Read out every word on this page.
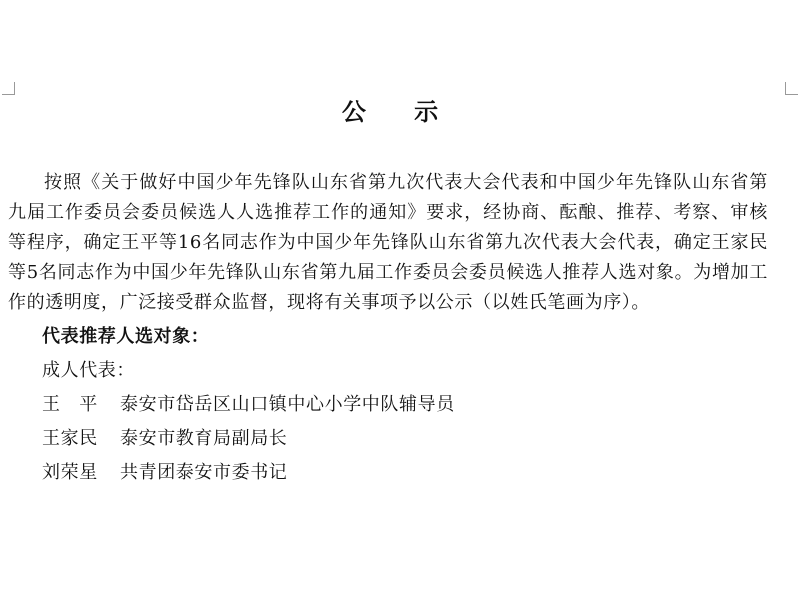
公 示

按照《关于做好中国少年先锋队山东省第九次代表大会代表和中国少年先锋队山东省第九届工作委员会委员候选人人选推荐工作的通知》要求，经协商、酝酿、推荐、考察、审核等程序，确定王平等16名同志作为中国少年先锋队山东省第九次代表大会代表，确定王家民等5名同志作为中国少年先锋队山东省第九届工作委员会委员候选人推荐人选对象。为增加工作的透明度，广泛接受群众监督，现将有关事项予以公示（以姓氏笔画为序）。

代表推荐人选对象：

成人代表：

王　平 泰安市岱岳区山口镇中心小学中队辅导员

王家民 泰安市教育局副局长

刘荣星 共青团泰安市委书记
